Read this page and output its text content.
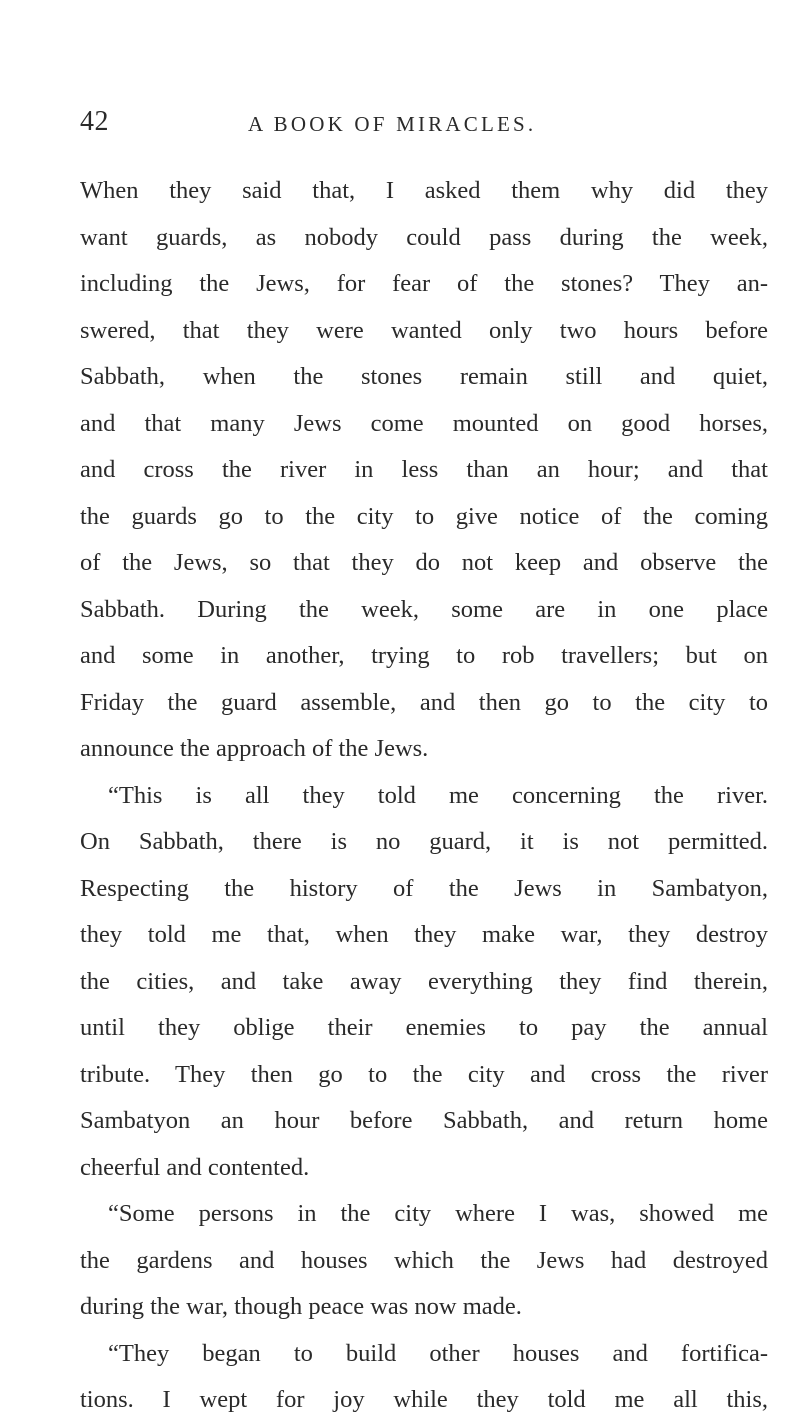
42	A BOOK OF MIRACLES.
When they said that, I asked them why did they
want guards, as nobody could pass during the week,
including the Jews, for fear of the stones? They an-
swered, that they were wanted only two hours before
Sabbath, when the stones remain still and quiet,
and that many Jews come mounted on good horses,
and cross the river in less than an hour; and that
the guards go to the city to give notice of the coming
of the Jews, so that they do not keep and observe the
Sabbath. During the week, some are in one place
and some in another, trying to rob travellers; but on
Friday the guard assemble, and then go to the city to
announce the approach of the Jews.
“This is all they told me concerning the river.
On Sabbath, there is no guard, it is not permitted.
Respecting the history of the Jews in Sambatyon,
they told me that, when they make war, they destroy
the cities, and take away everything they find therein,
until they oblige their enemies to pay the annual
tribute. They then go to the city and cross the river
Sambatyon an hour before Sabbath, and return home
cheerful and contented.
“Some persons in the city where I was, showed me
the gardens and houses which the Jews had destroyed
during the war, though peace was now made.
“They began to build other houses and fortifica-
tions. I wept for joy while they told me all this,
